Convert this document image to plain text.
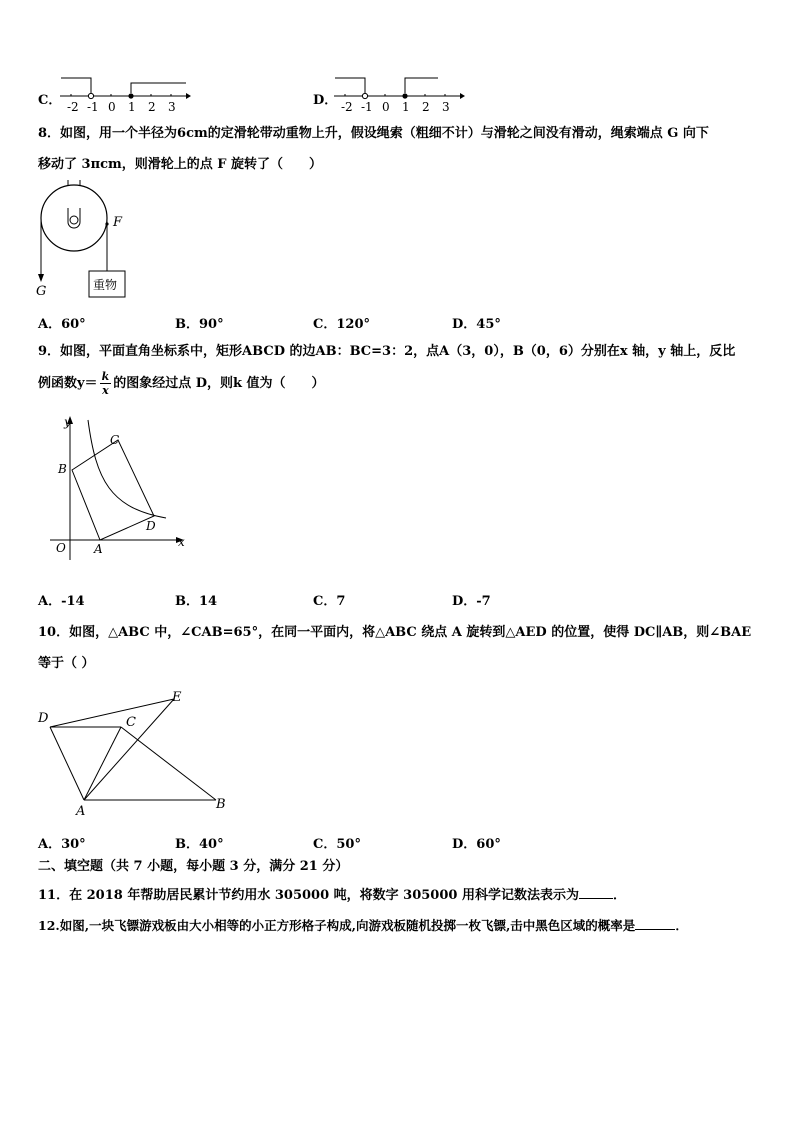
C． -2 -1 0 1 2 3	D． -2 -1 0 1 2 3
8．如图，用一个半径为6cm的定滑轮带动重物上升，假设绳索（粗细不计）与滑轮之间没有滑动，绳索端点 G 向下
移动了 3πcm，则滑轮上的点 F 旋转了（　　）
F
G	重物
A．60°	B．90°	C．120°	D．45°
9．如图，平面直角坐标系中，矩形ABCD 的边AB：BC=3：2，点A（3，0），B（0，6）分别在x 轴，y 轴上，反比
例函数$y= \frac{k}{x}$ 的图象经过点 D，则k 值为（　　）
y
x
O A
B
C
D
A．-14	B．14	C．7	D．-7
10．如图，△ABC 中，∠CAB=65°，在同一平面内，将△ABC 绕点 A 旋转到△AED 的位置，使得 DC∥AB，则∠BAE
等于（ ）
D	C
E
A	B
A．30°	B．40°	C．50°	D．60°
二、填空题（共 7 小题，每小题 3 分，满分 21 分）
11．在 2018 年帮助居民累计节约用水 305000 吨，将数字 305000 用科学记数法表示为	．
12.如图,一块飞镖游戏板由大小相等的小正方形格子构成,向游戏板随机投掷一枚飞镖,击中黑色区域的概率是	．
